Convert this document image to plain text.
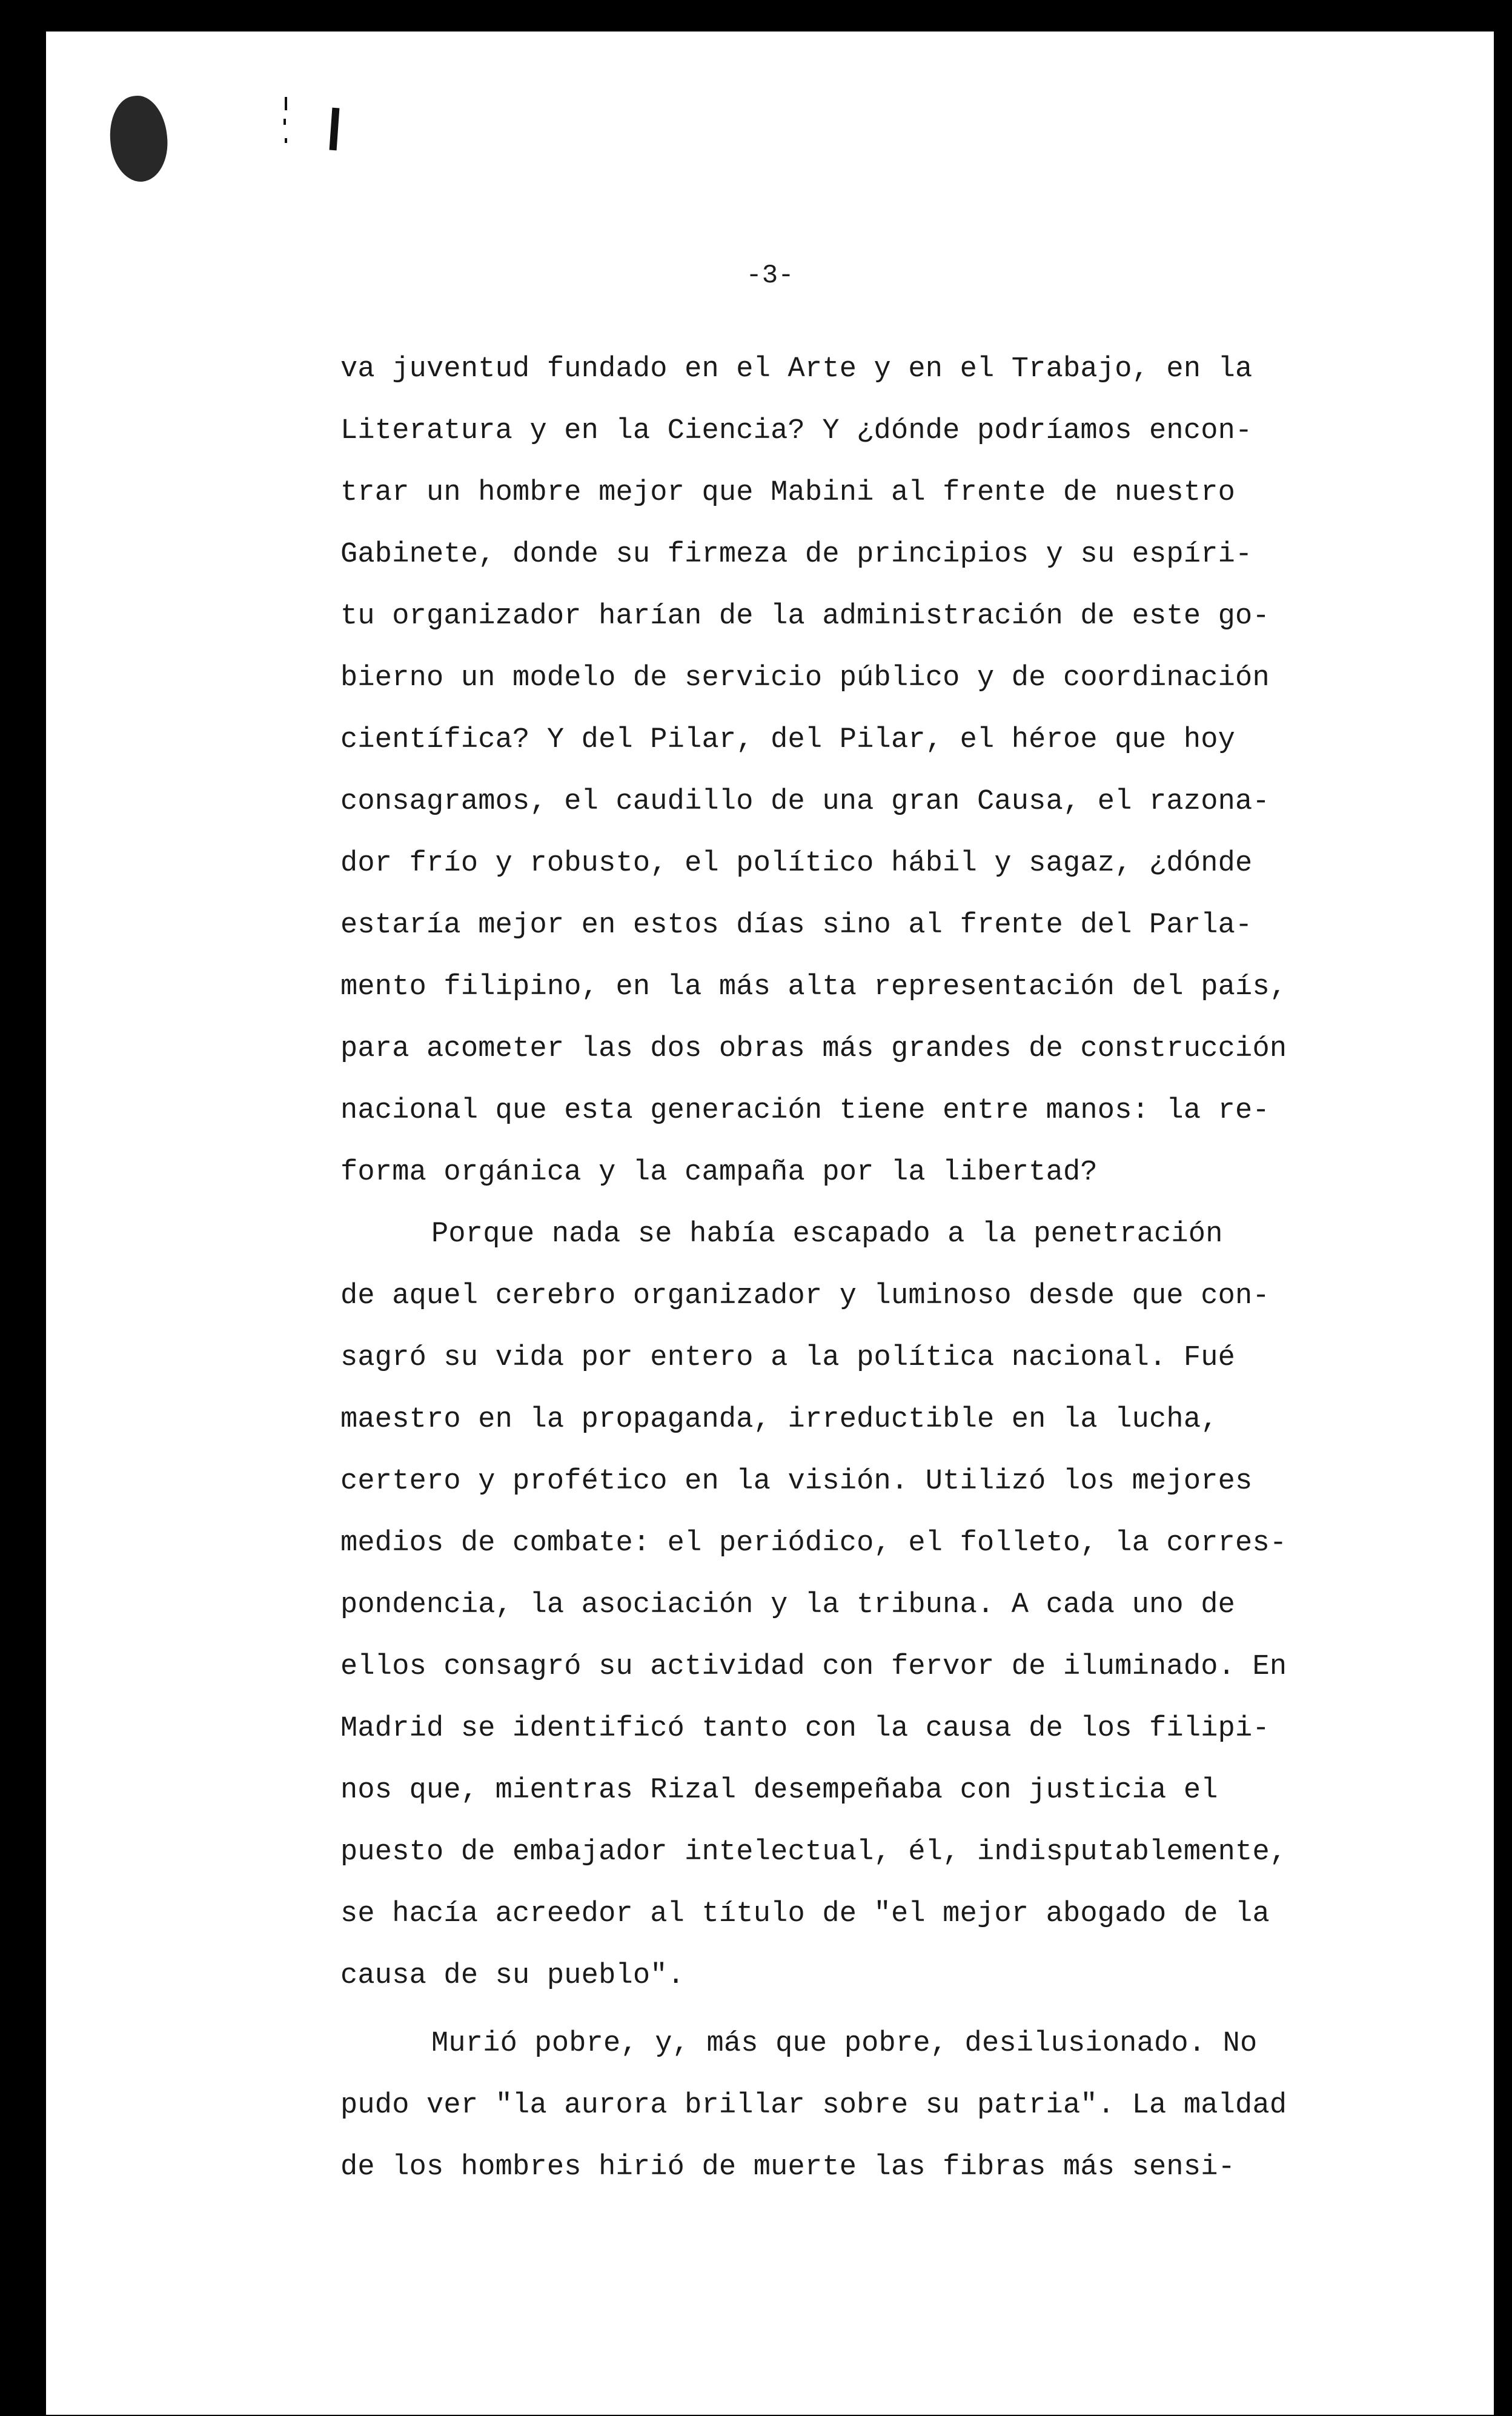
-3-
va juventud fundado en el Arte y en el Trabajo, en la
Literatura y en la Ciencia? Y ¿dónde podríamos encon-
trar un hombre mejor que Mabini al frente de nuestro
Gabinete, donde su firmeza de principios y su espíri-
tu organizador harían de la administración de este go-
bierno un modelo de servicio público y de coordinación
científica? Y del Pilar, del Pilar, el héroe que hoy
consagramos, el caudillo de una gran Causa, el razona-
dor frío y robusto, el político hábil y sagaz, ¿dónde
estaría mejor en estos días sino al frente del Parla-
mento filipino, en la más alta representación del país,
para acometer las dos obras más grandes de construcción
nacional que esta generación tiene entre manos: la re-
forma orgánica y la campaña por la libertad?
Porque nada se había escapado a la penetración
de aquel cerebro organizador y luminoso desde que con-
sagró su vida por entero a la política nacional. Fué
maestro en la propaganda, irreductible en la lucha,
certero y profético en la visión. Utilizó los mejores
medios de combate: el periódico, el folleto, la corres-
pondencia, la asociación y la tribuna. A cada uno de
ellos consagró su actividad con fervor de iluminado. En
Madrid se identificó tanto con la causa de los filipi-
nos que, mientras Rizal desempeñaba con justicia el
puesto de embajador intelectual, él, indisputablemente,
se hacía acreedor al título de "el mejor abogado de la
causa de su pueblo".
Murió pobre, y, más que pobre, desilusionado. No
pudo ver "la aurora brillar sobre su patria". La maldad
de los hombres hirió de muerte las fibras más sensi-
